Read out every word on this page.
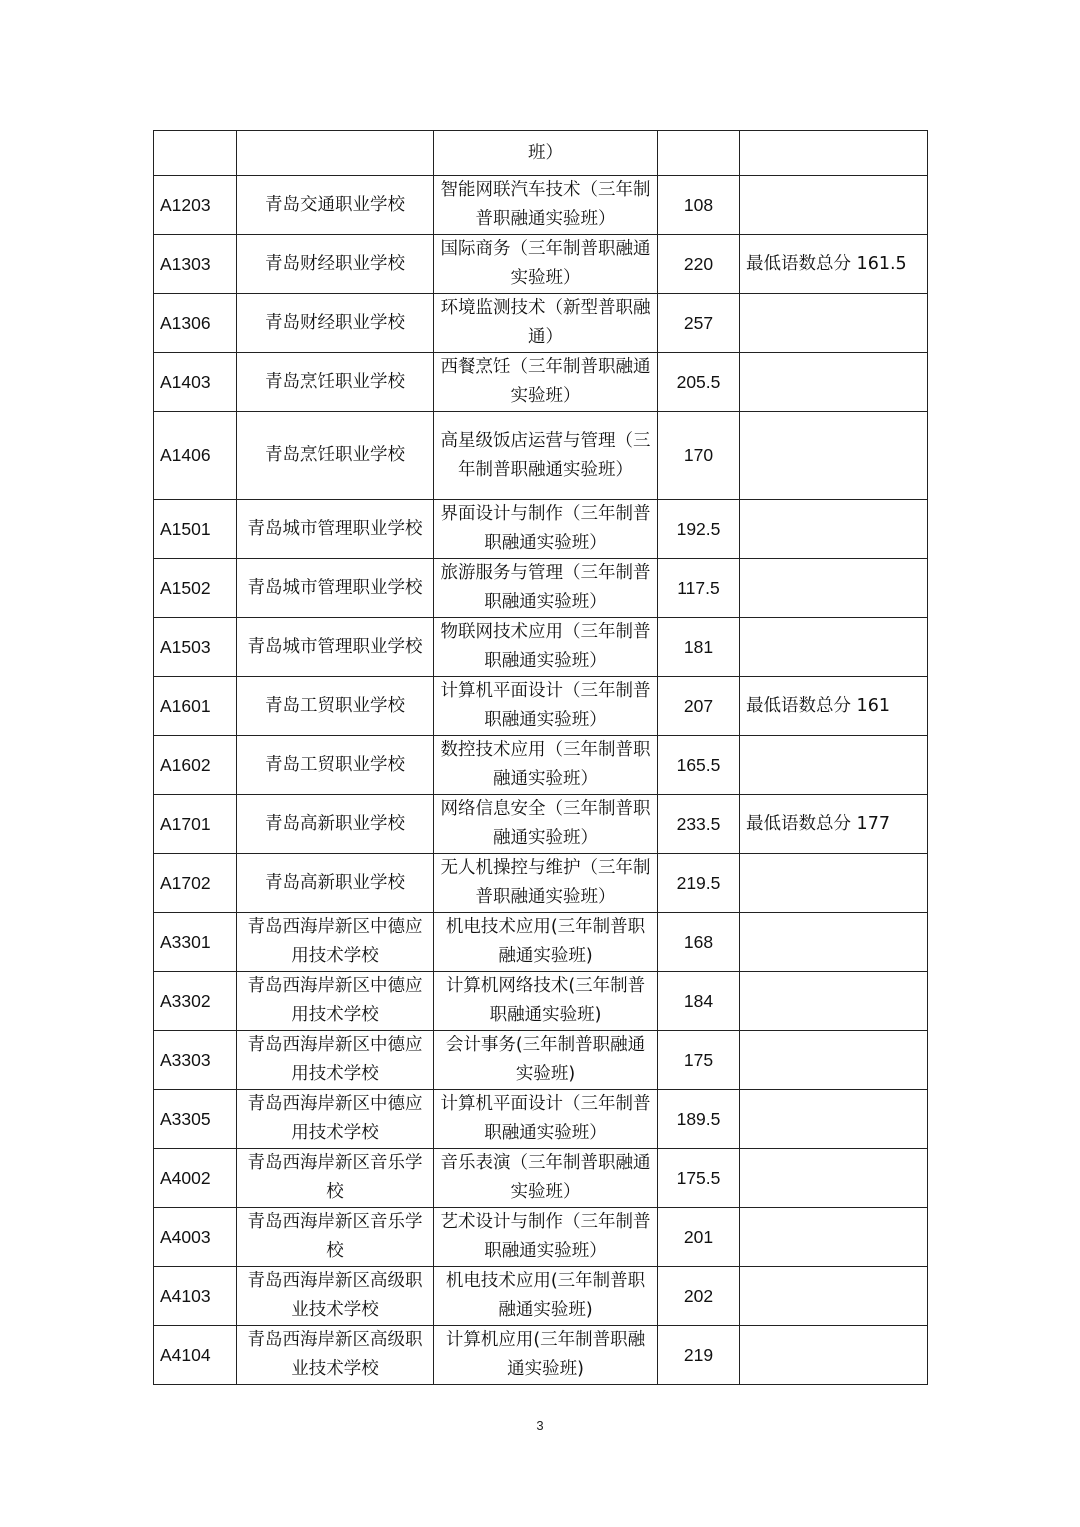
		班）		
A1203	青岛交通职业学校	智能网联汽车技术（三年制普职融通实验班）	108	
A1303	青岛财经职业学校	国际商务（三年制普职融通实验班）	220	最低语数总分 161.5
A1306	青岛财经职业学校	环境监测技术（新型普职融通）	257	
A1403	青岛烹饪职业学校	西餐烹饪（三年制普职融通实验班）	205.5	
A1406	青岛烹饪职业学校	高星级饭店运营与管理（三年制普职融通实验班）	170	
A1501	青岛城市管理职业学校	界面设计与制作（三年制普职融通实验班）	192.5	
A1502	青岛城市管理职业学校	旅游服务与管理（三年制普职融通实验班）	117.5	
A1503	青岛城市管理职业学校	物联网技术应用（三年制普职融通实验班）	181	
A1601	青岛工贸职业学校	计算机平面设计（三年制普职融通实验班）	207	最低语数总分 161
A1602	青岛工贸职业学校	数控技术应用（三年制普职融通实验班）	165.5	
A1701	青岛高新职业学校	网络信息安全（三年制普职融通实验班）	233.5	最低语数总分 177
A1702	青岛高新职业学校	无人机操控与维护（三年制普职融通实验班）	219.5	
A3301	青岛西海岸新区中德应用技术学校	机电技术应用(三年制普职融通实验班)	168	
A3302	青岛西海岸新区中德应用技术学校	计算机网络技术(三年制普职融通实验班)	184	
A3303	青岛西海岸新区中德应用技术学校	会计事务(三年制普职融通实验班)	175	
A3305	青岛西海岸新区中德应用技术学校	计算机平面设计（三年制普职融通实验班）	189.5	
A4002	青岛西海岸新区音乐学校	音乐表演（三年制普职融通实验班）	175.5	
A4003	青岛西海岸新区音乐学校	艺术设计与制作（三年制普职融通实验班）	201	
A4103	青岛西海岸新区高级职业技术学校	机电技术应用(三年制普职融通实验班)	202	
A4104	青岛西海岸新区高级职业技术学校	计算机应用(三年制普职融通实验班)	219	
3
